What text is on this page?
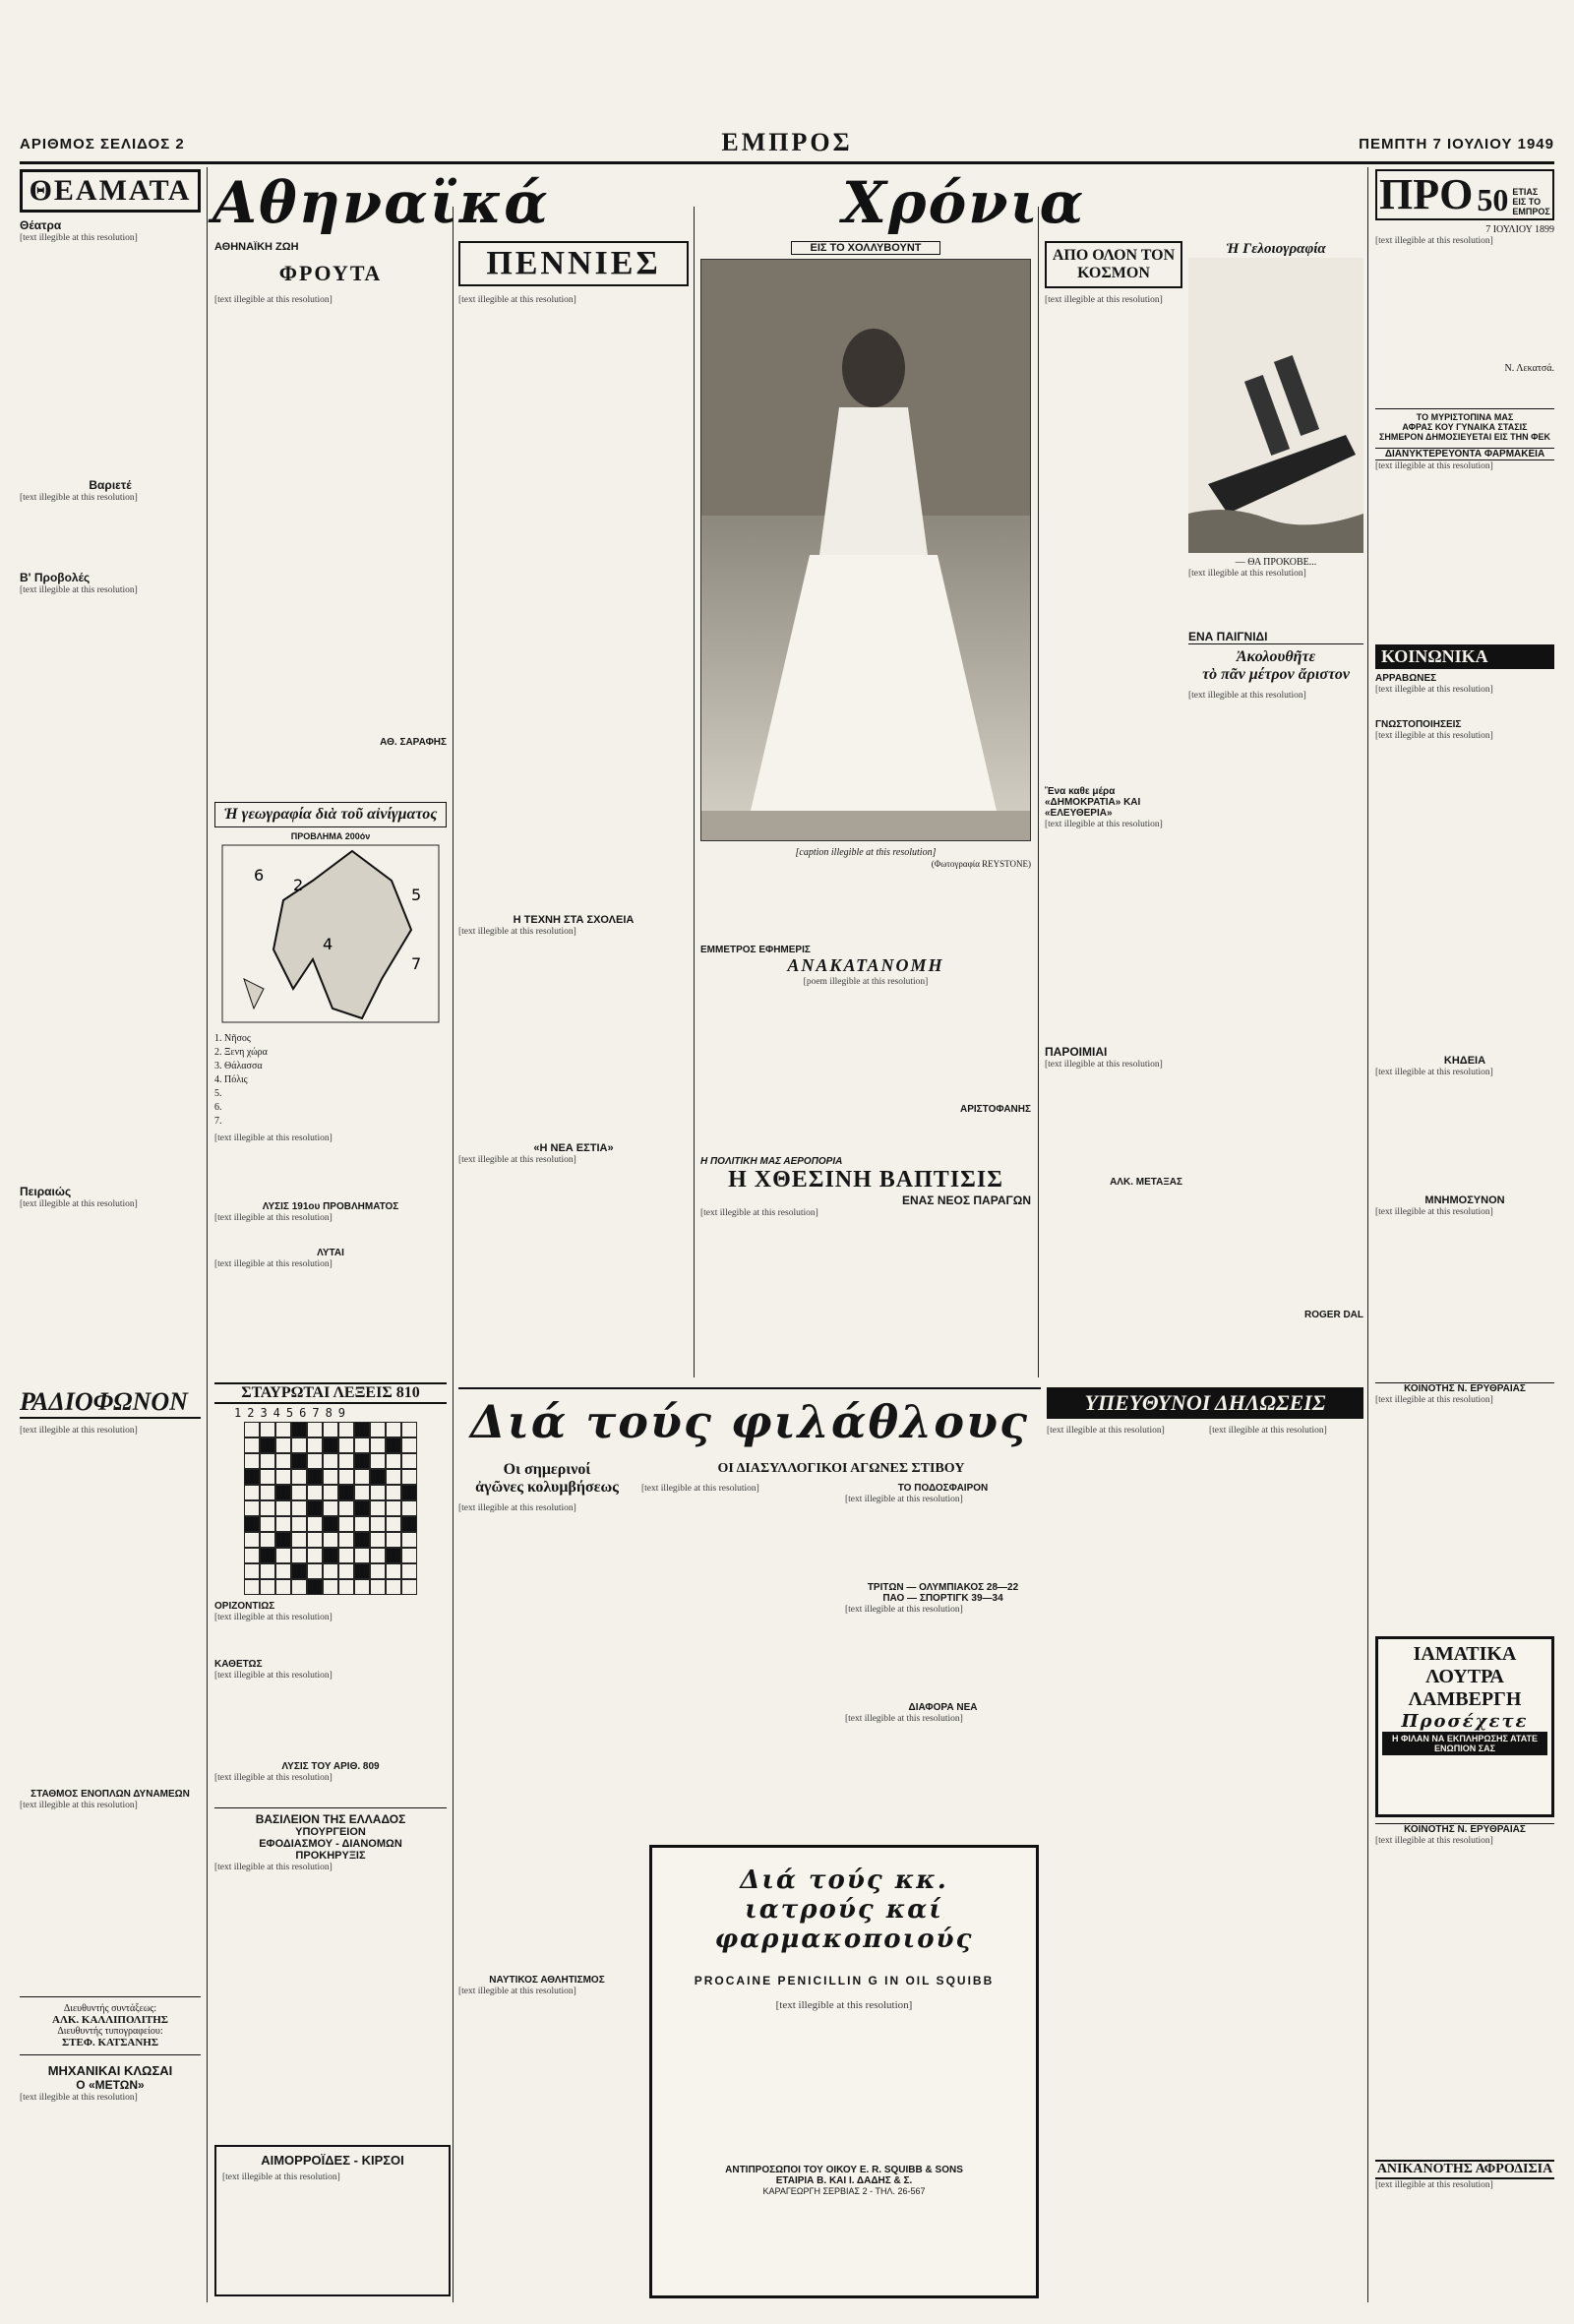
ΑΡΙΘΜΟΣ ΣΕΛΙΔΟΣ 2	ΕΜΠΡΟΣ	ΠΕΜΠΤΗ 7 ΙΟΥΛΙΟΥ 1949
ΘΕΑΜΑΤΑ
Θέατρα
[text illegible at this resolution]
Βαριετέ
[text illegible at this resolution]
Β' Προβολές
[text illegible at this resolution]
Πειραιώς
[text illegible at this resolution]
ΡΑΔΙΟΦΩΝΟΝ
[text illegible at this resolution]
ΣΤΑΘΜΟΣ ΕΝΟΠΛΩΝ ΔΥΝΑΜΕΩΝ
[text illegible at this resolution]
Διευθυντής συντάξεως:
ΑΛΚ. ΚΑΛΛΙΠΟΛΙΤΗΣ
Διευθυντής τυπογραφείου:
ΣΤΕΦ. ΚΑΤΣΑΝΗΣ
ΜΗΧΑΝΙΚΑΙ ΚΛΩΣΑΙ
Ο «ΜΕΤΩΝ»
[text illegible at this resolution]
Αθηναϊκά	Χρόνια
ΑΘΗΝΑΪΚΗ ΖΩΗ
ΦΡΟΥΤΑ
[text illegible at this resolution]
ΑΘ. ΣΑΡΑΦΗΣ
Ἡ γεωγραφία διὰ τοῦ αἰνίγματος
ΠΡΟΒΛΗΜΑ 200όν
6
2
5
4
7
1. Νῆσος
2. Ξενη χώρα
3. Θάλασσα
4. Πόλις
5.
6.
7.
[text illegible at this resolution]
ΛΥΣΙΣ 191ου ΠΡΟΒΛΗΜΑΤΟΣ
[text illegible at this resolution]
ΛΥΤΑΙ
[text illegible at this resolution]
ΣΤΑΥΡΩΤΑΙ ΛΕΞΕΙΣ 810
123456789
ΟΡΙΖΟΝΤΙΩΣ
[text illegible at this resolution]
ΚΑΘΕΤΩΣ
[text illegible at this resolution]
ΛΥΣΙΣ ΤΟΥ ΑΡΙΘ. 809
[text illegible at this resolution]
ΒΑΣΙΛΕΙΟΝ ΤΗΣ ΕΛΛΑΔΟΣ
ΥΠΟΥΡΓΕΙΟΝ
ΕΦΟΔΙΑΣΜΟΥ - ΔΙΑΝΟΜΩΝ
ΠΡΟΚΗΡΥΞΙΣ
[text illegible at this resolution]
ΑΙΜΟΡΡΟΪΔΕΣ - ΚΙΡΣΟΙ
[text illegible at this resolution]
ΠΕΝΝΙΕΣ
[text illegible at this resolution]
Η ΤΕΧΝΗ ΣΤΑ ΣΧΟΛΕΙΑ
[text illegible at this resolution]
«Η ΝΕΑ ΕΣΤΙΑ»
[text illegible at this resolution]
ΕΙΣ ΤΟ ΧΟΛΛΥΒΟΥΝΤ
[caption illegible at this resolution]
(Φωτογραφία REYSTONE)
ΕΜΜΕΤΡΟΣ ΕΦΗΜΕΡΙΣ
ΑΝΑΚΑΤΑΝΟΜΗ
[poem illegible at this resolution]
ΑΡΙΣΤΟΦΑΝΗΣ
Η ΠΟΛΙΤΙΚΗ ΜΑΣ ΑΕΡΟΠΟΡΙΑ
Η ΧΘΕΣΙΝΗ ΒΑΠΤΙΣΙΣ
ΕΝΑΣ ΝΕΟΣ ΠΑΡΑΓΩΝ
[text illegible at this resolution]
ΑΠΟ ΟΛΟΝ ΤΟΝ ΚΟΣΜΟΝ
[text illegible at this resolution]
Ἕνα καθε μέρα
«ΔΗΜΟΚΡΑΤΙΑ» ΚΑΙ «ΕΛΕΥΘΕΡΙΑ»
[text illegible at this resolution]
ΠΑΡΟΙΜΙΑΙ
[text illegible at this resolution]
ΑΛΚ. ΜΕΤΑΞΑΣ
Ἡ Γελοιογραφία
— ΘΑ ΠΡΟΚΟΒΕ...
[text illegible at this resolution]
ΕΝΑ ΠΑΙΓΝΙΔΙ
Ἀκολουθῆτε
τὸ πᾶν μέτρον ἄριστον
[text illegible at this resolution]
ROGER DAL
ΠΡΟ 50 ΕΤΙΑΣ
ΕΙΣ ΤΟ ΕΜΠΡΟΣ
7 ΙΟΥΛΙΟΥ 1899
[text illegible at this resolution]
Ν. Λεκατσά.
ΤΟ ΜΥΡΙΣΤΟΠΙΝΑ ΜΑΣ
ΑΦΡΑΣ ΚΟΥ ΓΥΝΑΙΚΑ ΣΤΑΣΙΣ
ΣΗΜΕΡΟΝ ΔΗΜΟΣΙΕΥΕΤΑΙ ΕΙΣ ΤΗΝ ΦΕΚ
ΔΙΑΝΥΚΤΕΡΕΥΟΝΤΑ ΦΑΡΜΑΚΕΙΑ
[text illegible at this resolution]
ΚΟΙΝΩΝΙΚΑ
ΑΡΡΑΒΩΝΕΣ
[text illegible at this resolution]
ΓΝΩΣΤΟΠΟΙΗΣΕΙΣ
[text illegible at this resolution]
ΚΗΔΕΙΑ
[text illegible at this resolution]
ΜΝΗΜΟΣΥΝΟΝ
[text illegible at this resolution]
Διά τούς φιλάθλους
Οι σημερινοί
ἀγῶνες κολυμβήσεως
[text illegible at this resolution]
ΝΑΥΤΙΚΟΣ ΑΘΛΗΤΙΣΜΟΣ
[text illegible at this resolution]
ΟΙ ΔΙΑΣΥΛΛΟΓΙΚΟΙ ΑΓΩΝΕΣ ΣΤΙΒΟΥ
[text illegible at this resolution]	ΤΟ ΠΟΔΟΣΦΑΙΡΟΝ
[text illegible at this resolution]
ΤΡΙΤΩΝ — ΟΛΥΜΠΙΑΚΟΣ 28—22
ΠΑΟ — ΣΠΟΡΤΙΓΚ 39—34
[text illegible at this resolution]
ΔΙΑΦΟΡΑ ΝΕΑ
[text illegible at this resolution]
Διά τούς κκ. ιατρούς καί φαρμακοποιούς
PROCAINE PENICILLIN G IN OIL SQUIBB
[text illegible at this resolution]
ΑΝΤΙΠΡΟΣΩΠΟΙ ΤΟΥ ΟΙΚΟΥ E. R. SQUIBB & SONS
ΕΤΑΙΡΙΑ Β. ΚΑΙ Ι. ΔΑΔΗΣ & Σ.
ΚΑΡΑΓΕΩΡΓΗ ΣΕΡΒΙΑΣ 2 - ΤΗΛ. 26-567
ΥΠΕΥΘΥΝΟΙ ΔΗΛΩΣΕΙΣ
[text illegible at this resolution]	[text illegible at this resolution]
ΚΟΙΝΟΤΗΣ Ν. ΕΡΥΘΡΑΙΑΣ
[text illegible at this resolution]
ΙΑΜΑΤΙΚΑ
ΛΟΥΤΡΑ
ΛΑΜΒΕΡΓΗ
Προσέχετε
Η ΦΙΛΑΝ ΝΑ ΕΚΠΛΗΡΩΣΗΣ ΑΤΑΤΕ ΕΝΩΠΙΟΝ ΣΑΣ
ΚΟΙΝΟΤΗΣ Ν. ΕΡΥΘΡΑΙΑΣ
[text illegible at this resolution]
ΑΝΙΚΑΝΟΤΗΣ ΑΦΡΟΔΙΣΙΑ
[text illegible at this resolution]
